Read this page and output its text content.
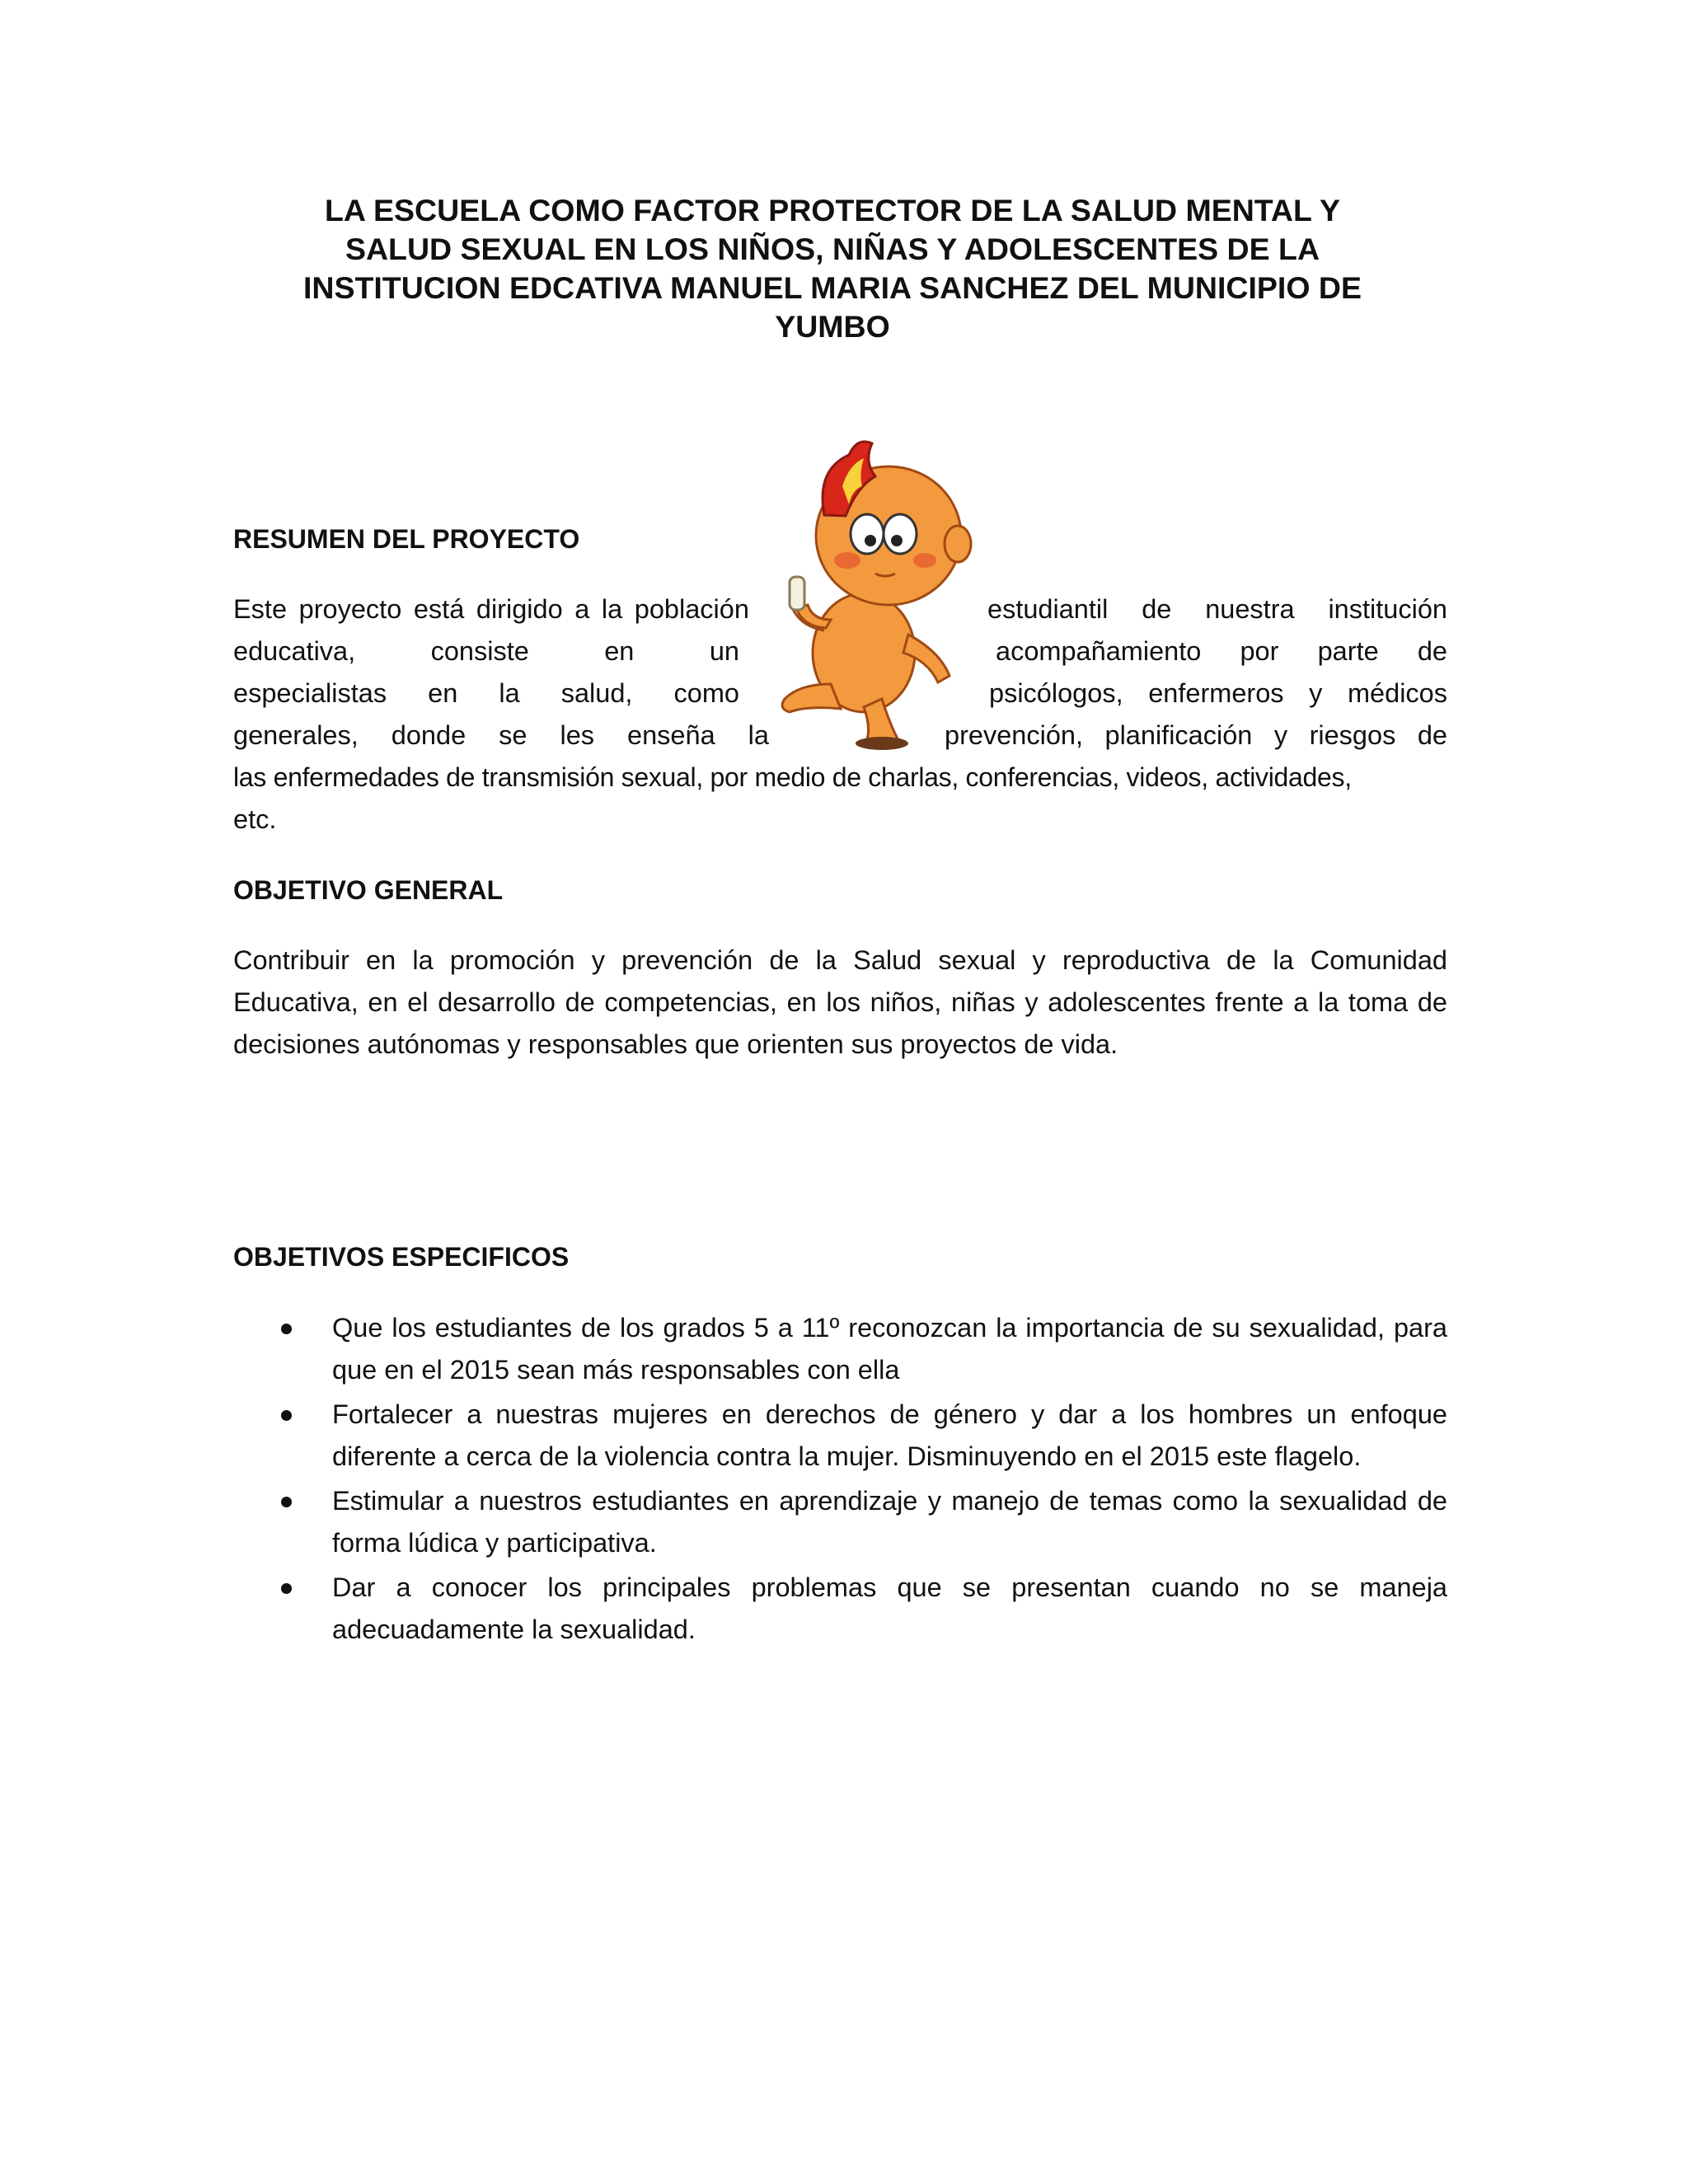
LA ESCUELA COMO FACTOR PROTECTOR DE LA SALUD MENTAL Y
SALUD SEXUAL EN LOS NIÑOS, NIÑAS Y ADOLESCENTES DE LA
INSTITUCION EDCATIVA MANUEL MARIA SANCHEZ DEL MUNICIPIO DE
YUMBO
RESUMEN DEL PROYECTO
Este proyecto está dirigido a la población	estudiantil de nuestra institución
educativa,	consiste	en	un	acompañamiento por parte de
especialistas en la salud, como	psicólogos, enfermeros y médicos
generales, donde se les enseña la	prevención, planificación y riesgos de
las enfermedades de transmisión sexual, por medio de charlas, conferencias, videos, actividades,
etc.
OBJETIVO GENERAL

Contribuir en la promoción y prevención de la Salud sexual y reproductiva de la Comunidad Educativa, en el desarrollo de competencias, en los niños, niñas y adolescentes frente a la toma de decisiones autónomas y responsables que orienten sus proyectos de vida.

OBJETIVOS ESPECIFICOS
Que los estudiantes de los grados 5 a 11º reconozcan la importancia de su sexualidad, para que en el 2015 sean más responsables con ella
Fortalecer a nuestras mujeres en derechos de género y dar a los hombres un enfoque diferente a cerca de la violencia contra la mujer. Disminuyendo en el 2015 este flagelo.
Estimular a nuestros estudiantes en aprendizaje y manejo de temas como la sexualidad de forma lúdica y participativa.
Dar a conocer los principales problemas que se presentan cuando no se maneja adecuadamente la sexualidad.
